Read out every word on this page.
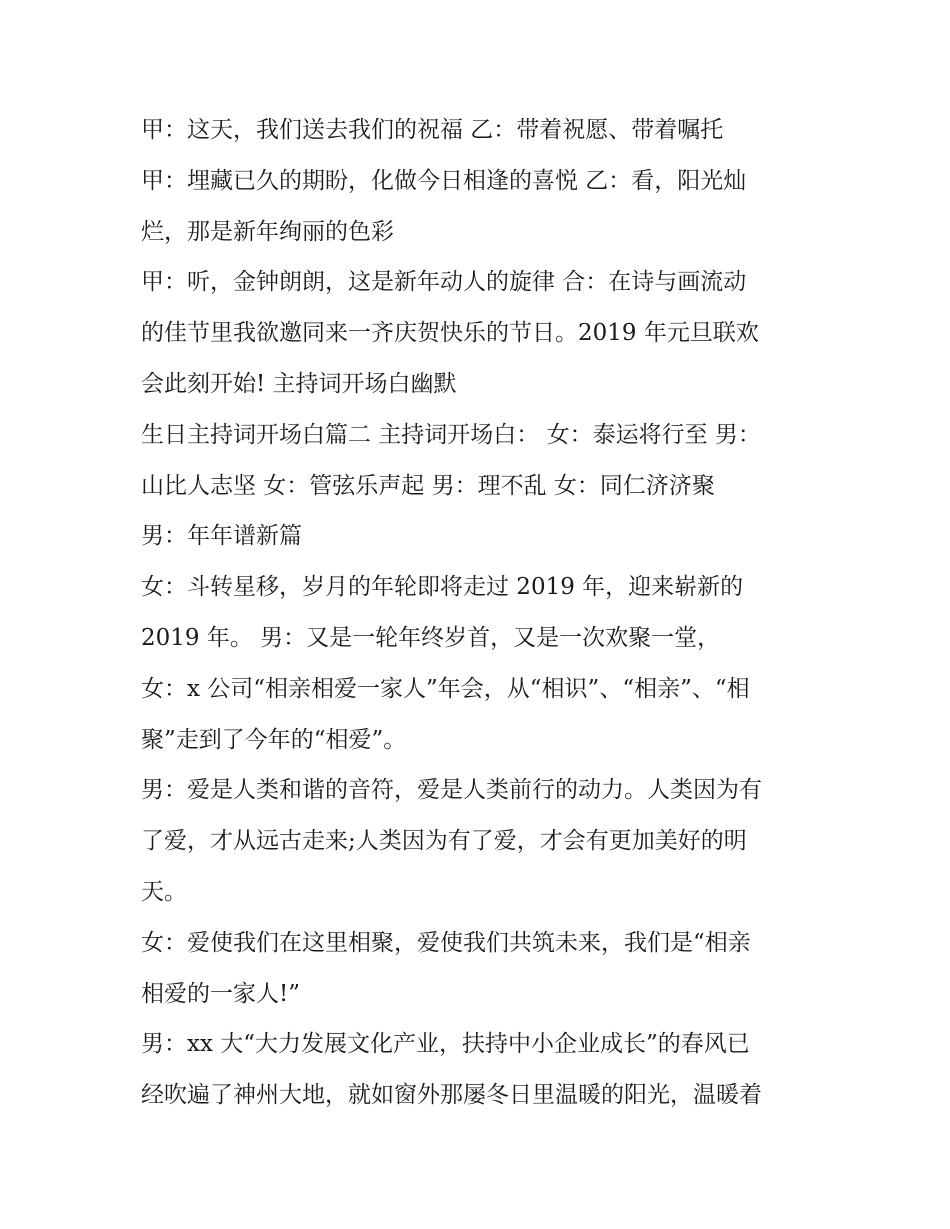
甲：这天，我们送去我们的祝福 乙：带着祝愿、带着嘱托
甲：埋藏已久的期盼，化做今日相逢的喜悦 乙：看，阳光灿
烂，那是新年绚丽的色彩
甲：听，金钟朗朗，这是新年动人的旋律 合：在诗与画流动
的佳节里我欲邀同来一齐庆贺快乐的节日。2019 年元旦联欢
会此刻开始! 主持词开场白幽默
生日主持词开场白篇二 主持词开场白： 女：泰运将行至 男：
山比人志坚 女：管弦乐声起 男：理不乱 女：同仁济济聚
男：年年谱新篇
女：斗转星移，岁月的年轮即将走过 2019 年，迎来崭新的
2019 年。 男：又是一轮年终岁首，又是一次欢聚一堂，
女：x 公司“相亲相爱一家人”年会，从“相识”、“相亲”、“相
聚”走到了今年的“相爱”。
男：爱是人类和谐的音符，爱是人类前行的动力。人类因为有
了爱，才从远古走来;人类因为有了爱，才会有更加美好的明
天。
女：爱使我们在这里相聚，爱使我们共筑未来，我们是“相亲
相爱的一家人!”
男：xx 大“大力发展文化产业，扶持中小企业成长”的春风已
经吹遍了神州大地，就如窗外那屡冬日里温暖的阳光，温暖着
